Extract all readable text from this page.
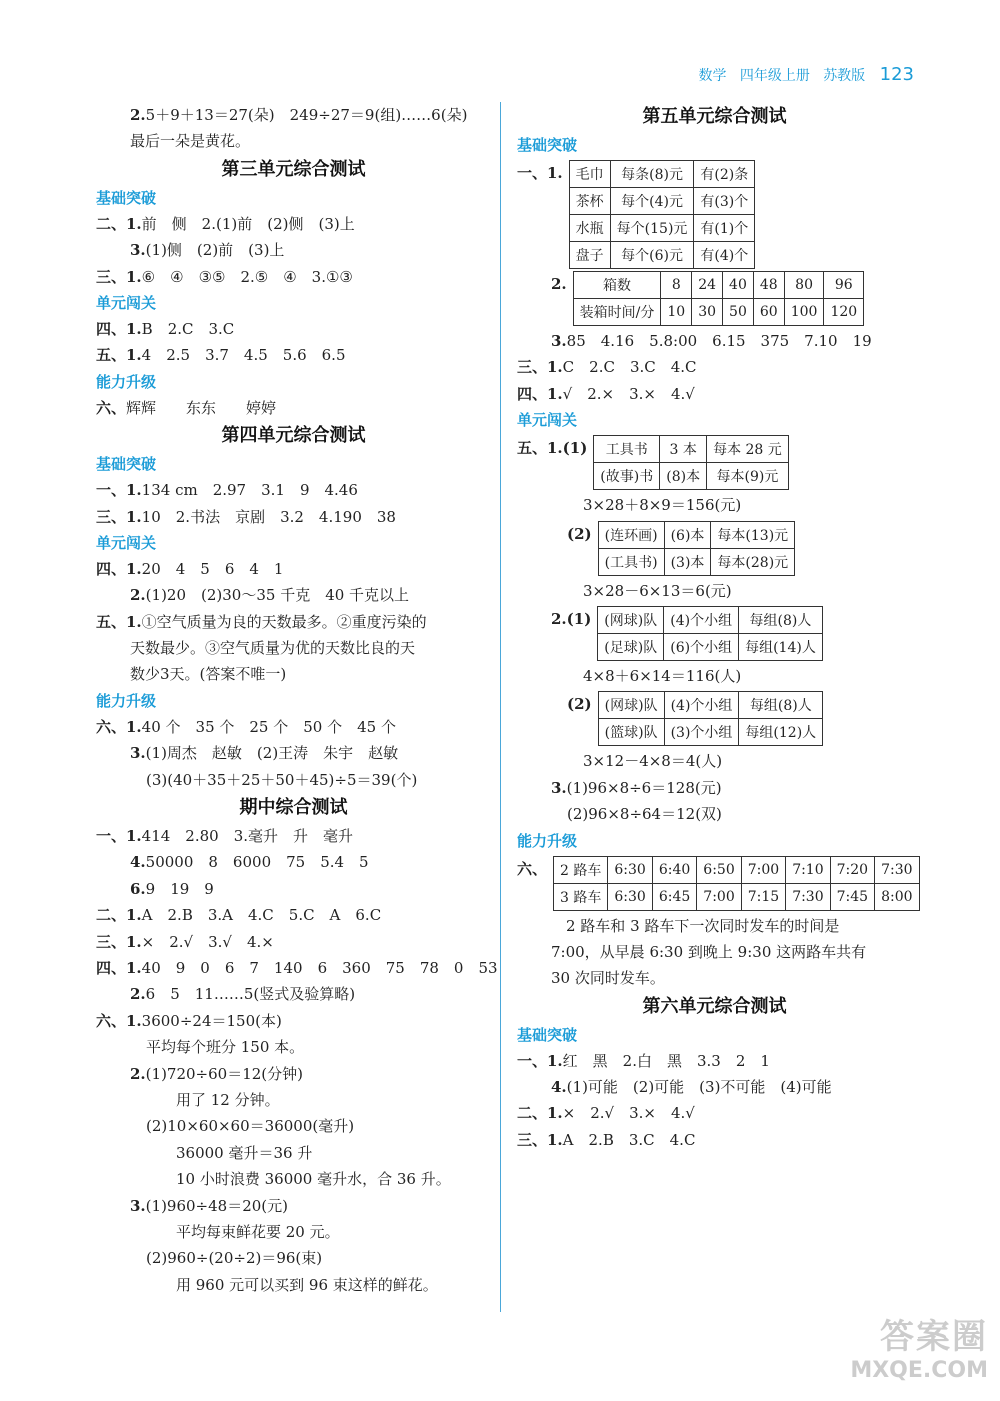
数学 四年级上册 苏教版 123
2.5＋9＋13＝27(朵)　249÷27＝9(组)……6(朵)
最后一朵是黄花。
第三单元综合测试
基础突破
二、1.前　侧　2.(1)前　(2)侧　(3)上
3.(1)侧　(2)前　(3)上
三、1.⑥　④　③⑤　2.⑤　④　3.①③
单元闯关
四、1.B　2.C　3.C
五、1.4　2.5　3.7　4.5　5.6　6.5
能力升级
六、辉辉　　东东　　婷婷
第四单元综合测试
基础突破
一、1.134 cm　2.97　3.1　9　4.46
三、1.10　2.书法　京剧　3.2　4.190　38
单元闯关
四、1.20　4　5　6　4　1
2.(1)20　(2)30～35 千克　40 千克以上
五、1.①空气质量为良的天数最多。②重度污染的
天数最少。③空气质量为优的天数比良的天
数少3天。(答案不唯一)
能力升级
六、1.40 个　35 个　25 个　50 个　45 个
3.(1)周杰　赵敏　(2)王涛　朱宇　赵敏
(3)(40＋35＋25＋50＋45)÷5＝39(个)
期中综合测试
一、1.414　2.80　3.毫升　升　毫升
4.50000　8　6000　75　5.4　5
6.9　19　9
二、1.A　2.B　3.A　4.C　5.C　A　6.C
三、1.×　2.√　3.√　4.×
四、1.40　9　0　6　7　140　6　360　75　78　0　53
2.6　5　11……5(竖式及验算略)
六、1.3600÷24＝150(本)
平均每个班分 150 本。
2.(1)720÷60＝12(分钟)
用了 12 分钟。
(2)10×60×60＝36000(毫升)
36000 毫升＝36 升
10 小时浪费 36000 毫升水，合 36 升。
3.(1)960÷48＝20(元)
平均每束鲜花要 20 元。
(2)960÷(20÷2)＝96(束)
用 960 元可以买到 96 束这样的鲜花。
第五单元综合测试
基础突破
一、1. 毛巾	每条(8)元	有(2)条
茶杯	每个(4)元	有(3)个
水瓶	每个(15)元	有(1)个
盘子	每个(6)元	有(4)个
2.	箱数	8	24	40	48	80	96
装箱时间/分	10	30	50	60	100	120
3.85　4.16　5.8:00　6.15　375　7.10　19
三、1.C　2.C　3.C　4.C
四、1.√　2.×　3.×　4.√
单元闯关
五、1.(1) 工具书	3 本	每本 28 元
(故事)书	(8)本	每本(9)元
3×28＋8×9＝156(元)
(2) (连环画)	(6)本	每本(13)元
(工具书)	(3)本	每本(28)元
3×28－6×13＝6(元)
2.(1) (网球)队	(4)个小组	每组(8)人
(足球)队	(6)个小组	每组(14)人
4×8＋6×14＝116(人)
(2) (网球)队	(4)个小组	每组(8)人
(篮球)队	(3)个小组	每组(12)人
3×12－4×8＝4(人)
3.(1)96×8÷6＝128(元)
(2)96×8÷64＝12(双)
能力升级
六、 2 路车	6:30	6:40	6:50	7:00	7:10	7:20	7:30
3 路车	6:30	6:45	7:00	7:15	7:30	7:45	8:00
　2 路车和 3 路车下一次同时发车的时间是
7:00，从早晨 6:30 到晚上 9:30 这两路车共有
30 次同时发车。
第六单元综合测试
基础突破
一、1.红　黑　2.白　黑　3.3　2　1
4.(1)可能　(2)可能　(3)不可能　(4)可能
二、1.×　2.√　3.×　4.√
三、1.A　2.B　3.C　4.C
答案圈
MXQE.COM
